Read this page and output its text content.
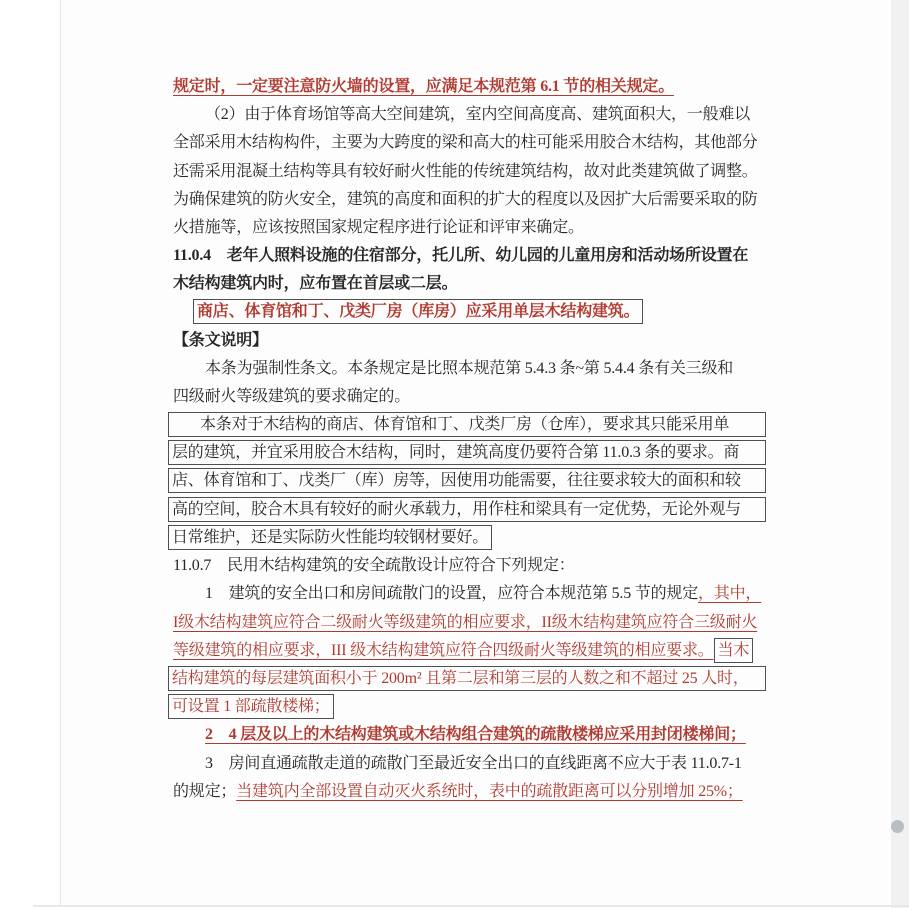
规定时，一定要注意防火墙的设置，应满足本规范第 6.1 节的相关规定。
（2）由于体育场馆等高大空间建筑，室内空间高度高、建筑面积大，一般难以
全部采用木结构构件，主要为大跨度的梁和高大的柱可能采用胶合木结构，其他部分
还需采用混凝土结构等具有较好耐火性能的传统建筑结构，故对此类建筑做了调整。
为确保建筑的防火安全，建筑的高度和面积的扩大的程度以及因扩大后需要采取的防
火措施等，应该按照国家规定程序进行论证和评审来确定。
11.0.4　老年人照料设施的住宿部分，托儿所、幼儿园的儿童用房和活动场所设置在
木结构建筑内时，应布置在首层或二层。
商店、体育馆和丁、戊类厂房（库房）应采用单层木结构建筑。
【条文说明】
本条为强制性条文。本条规定是比照本规范第 5.4.3 条~第 5.4.4 条有关三级和
四级耐火等级建筑的要求确定的。
本条对于木结构的商店、体育馆和丁、戊类厂房（仓库），要求其只能采用单
层的建筑，并宜采用胶合木结构，同时，建筑高度仍要符合第 11.0.3 条的要求。商
店、体育馆和丁、戊类厂（库）房等，因使用功能需要，往往要求较大的面积和较
高的空间，胶合木具有较好的耐火承载力，用作柱和梁具有一定优势，无论外观与
日常维护，还是实际防火性能均较钢材要好。
11.0.7　民用木结构建筑的安全疏散设计应符合下列规定：
1　建筑的安全出口和房间疏散门的设置，应符合本规范第 5.5 节的规定，其中，
I级木结构建筑应符合二级耐火等级建筑的相应要求，II级木结构建筑应符合三级耐火
等级建筑的相应要求，III 级木结构建筑应符合四级耐火等级建筑的相应要求。 当木
结构建筑的每层建筑面积小于 200m² 且第二层和第三层的人数之和不超过 25 人时，
可设置 1 部疏散楼梯；
2　4 层及以上的木结构建筑或木结构组合建筑的疏散楼梯应采用封闭楼梯间；
3　房间直通疏散走道的疏散门至最近安全出口的直线距离不应大于表 11.0.7-1
的规定；当建筑内全部设置自动灭火系统时，表中的疏散距离可以分别增加 25%；
